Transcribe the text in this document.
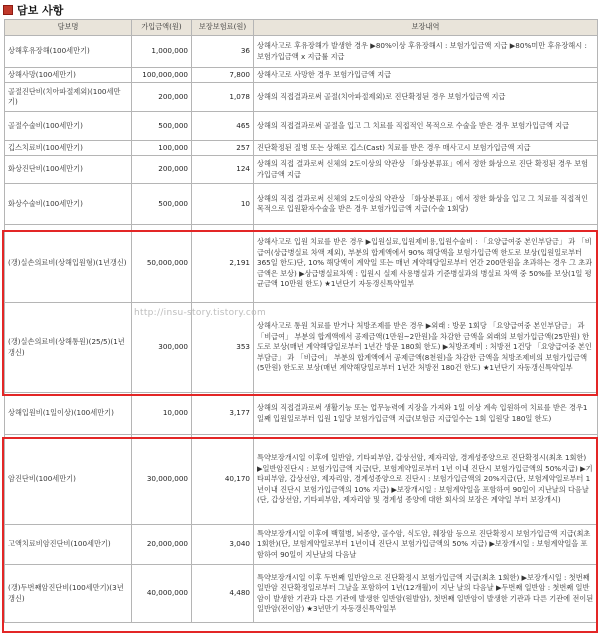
담보 사항
담보명	가입금액(원)	보장보험료(원)	보장내역
상해후유장해(100세만기)	1,000,000	36	상해사고로 후유장해가 발생한 경우 ▶80%이상 후유장해시 : 보험가입금액 지급 ▶80%미만 후유장해시 : 보험가입금액 x 지급률 지급
상해사망(100세만기)	100,000,000	7,800	상해사고로 사망한 경우 보험가입금액 지급
골절진단비(치아파절제외)(100세만기)	200,000	1,078	상해의 직접결과로써 골절(치아파절제외)로 진단확정된 경우 보험가입금액 지급
골절수술비(100세만기)	500,000	465	상해의 직접결과로써 골절을 입고 그 치료를 직접적인 목적으로 수술을 받은 경우 보험가입금액 지급
깁스치료비(100세만기)	100,000	257	진단확정된 질병 또는 상해로 깁스(Cast) 치료를 받은 경우 매사고시 보험가입금액 지급
화상진단비(100세만기)	200,000	124	상해의 직접 결과로써 신체의 2도이상의 약관상 「화상분류표」에서 정한 화상으로 진단 확정된 경우 보험가입금액 지급
화상수술비(100세만기)	500,000	10	상해의 직접 결과로써 신체의 2도이상의 약관상 「화상분류표」에서 정한 화상을 입고 그 치료를 직접적인 목적으로 입원환자수술을 받은 경우 보험가입금액 지급(수술 1회당)
(갱)실손의료비(상해입원형)(1년갱신)	50,000,000	2,191	상해사고로 입원 치료를 받은 경우 ▶입원실료,입원제비용,입원수술비 : 「요양급여중 본인부담금」 과 「비급여(상급병실료 차액 제외), 부분의 합계액에서 90% 해당액을 보험가입금액 한도로 보상(입원일로부터 365일 한도)단, 10% 해당액이 계약일 또는 매년 계약해당일로부터 연간 200만원을 초과하는 경우 그 초과금액은 보상) ▶상급병실료차액 : 입원시 실제 사용병실과 기준병실과의 병실료 차액 중 50%를 보상(1일 평균금액 10만원 한도) ★1년단기 자동갱신특약일부
(갱)실손의료비(상해통원)(25/5)(1년갱신)	300,000	353	상해사고로 통원 치료를 받거나 처방조제를 받은 경우 ▶외래 : 방문 1회당 「요양급여중 본인부담금」 과 「비급여」 부분의 합계액에서 공제금액(1만원~2만원)을 차감한 금액을 외래의 보험가입금액(25만원) 한도로 보상(매년 계약해당일로부터 1년간 방문 180회 한도) ▶처방조제비 : 처방전 1건당 「요양급여중 본인부담금」 과 「비급여」 부분의 합계액에서 공제금액(8천원)을 차감한 금액을 처방조제비의 보험가입금액(5만원) 한도로 보상(매년 계약해당일로부터 1년간 처방전 180건 한도) ★1년단기 자동갱신특약일부
상해입원비(1일이상)(100세만기)	10,000	3,177	상해의 직접결과로써 생활기능 또는 업무능력에 지장을 가져와 1일 이상 계속 입원하여 치료를 받은 경우1일째 입원일로부터 입원 1일당 보험가입금액 지급(보험금 지급일수는 1회 입원당 180일 한도)
암진단비(100세만기)	30,000,000	40,170	특약보장개시일 이후에 일반암, 기타피부암, 갑상선암, 제자리암, 경계성종양으로 진단확정시(최초 1회한) ▶일반암진단시 : 보험가입금액 지급(단, 보험계약일로부터 1년 이내 진단시 보험가입금액의 50%지급) ▶기타피부암, 갑상선암, 제자리암, 경계성종양으로 진단시 : 보험가입금액의 20%지급(단, 보험계약일로부터 1년이내 진단시 보험가입금액의 10% 지급) ▶보장개시일 : 보험계약일을 포함하여 90일이 지난날의 다음날(단, 갑상선암, 기타피부암, 제자리암 및 경계성 종양에 대한 회사의 보장은 계약일 부터 보장개시)
고액치료비암진단비(100세만기)	20,000,000	3,040	특약보장개시일 이후에 백혈병, 뇌종양, 골수암, 식도암, 췌장암 등으로 진단확정시 보험가입금액 지급(최초 1회한)(단, 보험계약일로부터 1년이내 진단시 보험가입금액의 50% 지급) ▶보장개시일 : 보험계약일을 포함하여 90일이 지난날의 다음날
(갱)두번째암진단비(100세만기)(3년갱신)	40,000,000	4,480	특약보장개시일 이후 두번째 일반암으로 진단확정시 보험가입금액 지급(최초 1회한) ▶보장개시일 : 첫번째 일반암 진단확정일로부터 그날을 포함하여 1년(12개월)이 지난 날의 다음날 ▶두번째 일반암 : 첫번째 일반암이 발생한 기관과 다른 기관에 발생한 일반암(원발암), 첫번째 일반암이 발생한 기관과 다른 기관에 전이된 일반암(전이암) ★3년만기 자동갱신특약일부
http://insu-story.tistory.com
